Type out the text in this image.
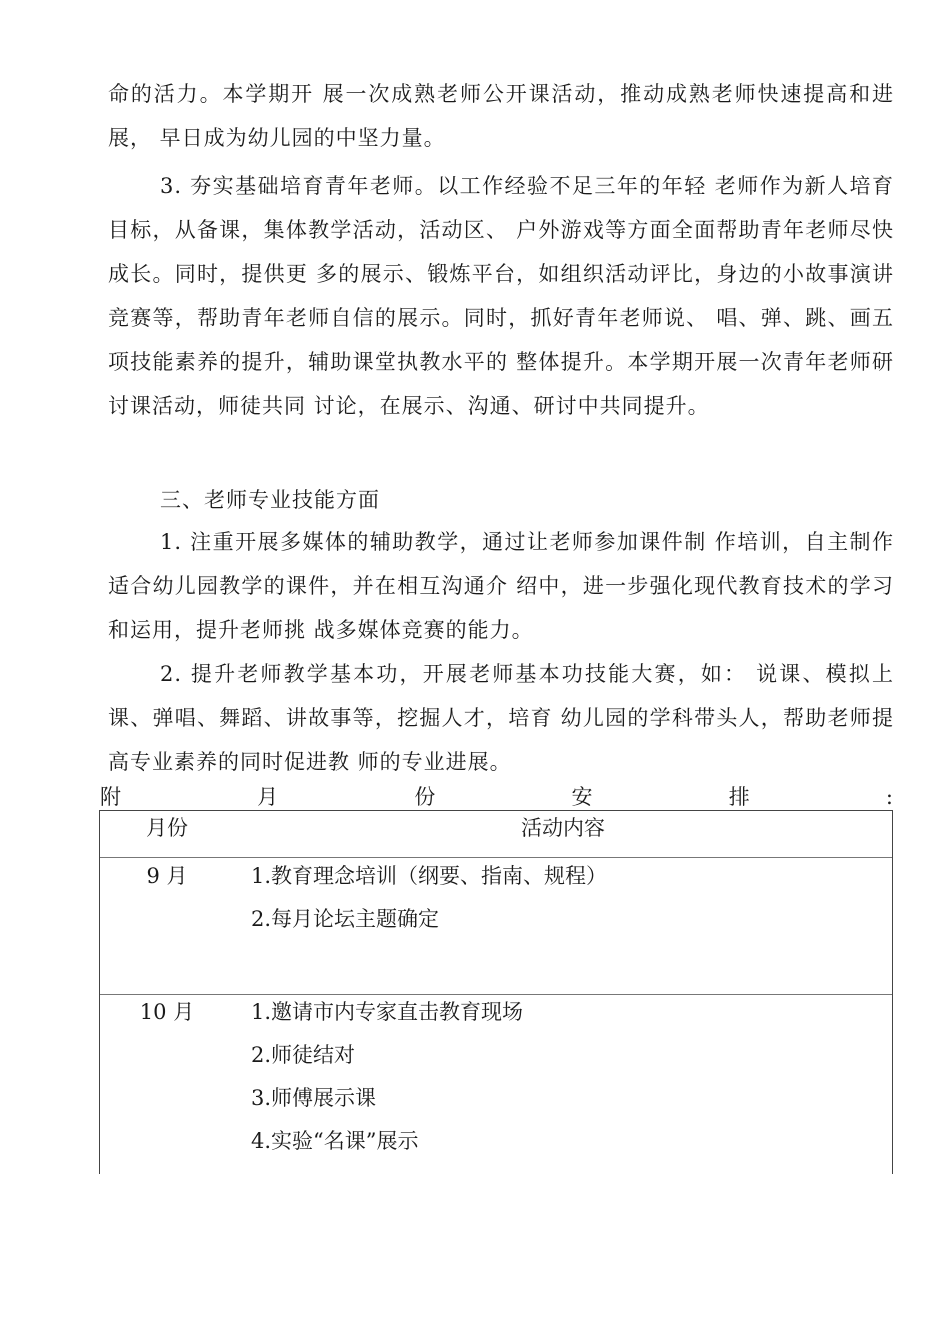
命的活力。本学期开 展一次成熟老师公开课活动，推动成熟老师快速提高和进展， 早日成为幼儿园的中坚力量。

3. 夯实基础培育青年老师。以工作经验不足三年的年轻 老师作为新人培育目标，从备课，集体教学活动，活动区、 户外游戏等方面全面帮助青年老师尽快成长。同时，提供更 多的展示、锻炼平台，如组织活动评比，身边的小故事演讲 竞赛等，帮助青年老师自信的展示。同时，抓好青年老师说、 唱、弹、跳、画五项技能素养的提升，辅助课堂执教水平的 整体提升。本学期开展一次青年老师研讨课活动，师徒共同 讨论，在展示、沟通、研讨中共同提升。

三、老师专业技能方面

1. 注重开展多媒体的辅助教学，通过让老师参加课件制 作培训，自主制作适合幼儿园教学的课件，并在相互沟通介 绍中，进一步强化现代教育技术的学习和运用，提升老师挑 战多媒体竞赛的能力。

2. 提升老师教学基本功，开展老师基本功技能大赛，如： 说课、模拟上课、弹唱、舞蹈、讲故事等，挖掘人才，培育 幼儿园的学科带头人，帮助老师提高专业素养的同时促进教 师的专业进展。

附	月	份	安	排	:
月份	活动内容
9 月	1.教育理念培训（纲要、指南、规程）
2.每月论坛主题确定
10 月	1.邀请市内专家直击教育现场
2.师徒结对
3.师傅展示课
4.实验“名课”展示
